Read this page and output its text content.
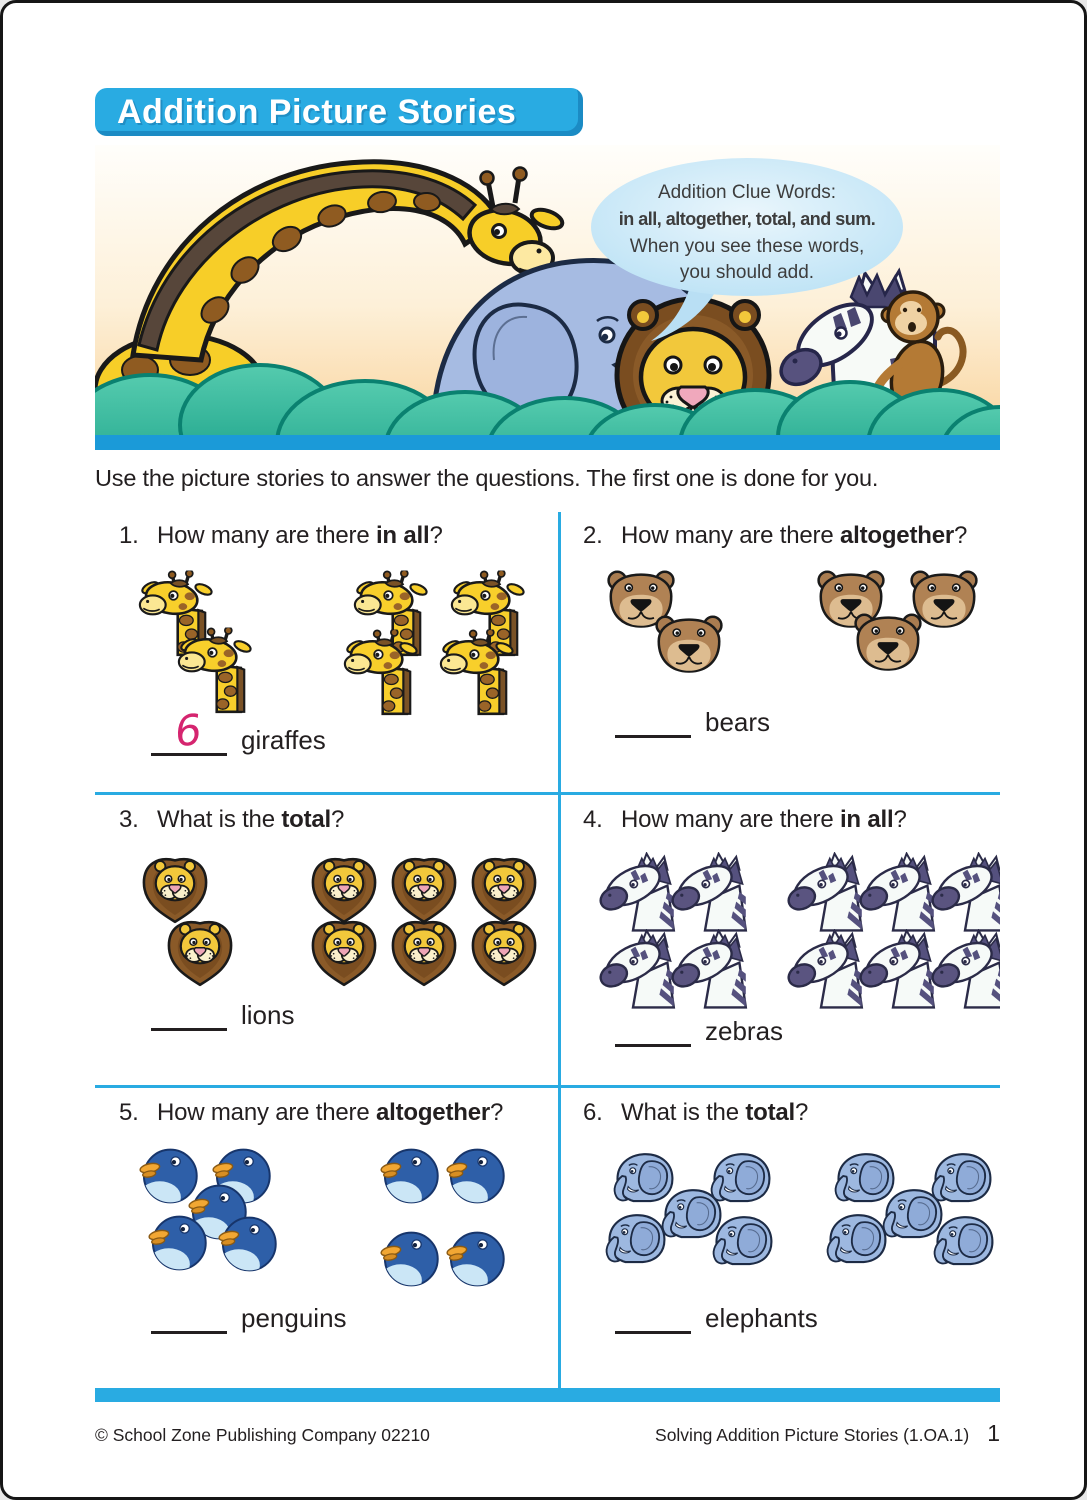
Addition Picture Stories
Addition Clue Words:
in all, altogether, total, and sum.
When you see these words,
you should add.
Use the picture stories to answer the questions. The first one is done for you.
1. How many are there in all?
6 giraffes
2. How many are there altogether?
bears
3. What is the total?
lions
4. How many are there in all?
zebras
5. How many are there altogether?
penguins
6. What is the total?
elephants
© School Zone Publishing Company 02210	Solving Addition Picture Stories (1.OA.1) 1
